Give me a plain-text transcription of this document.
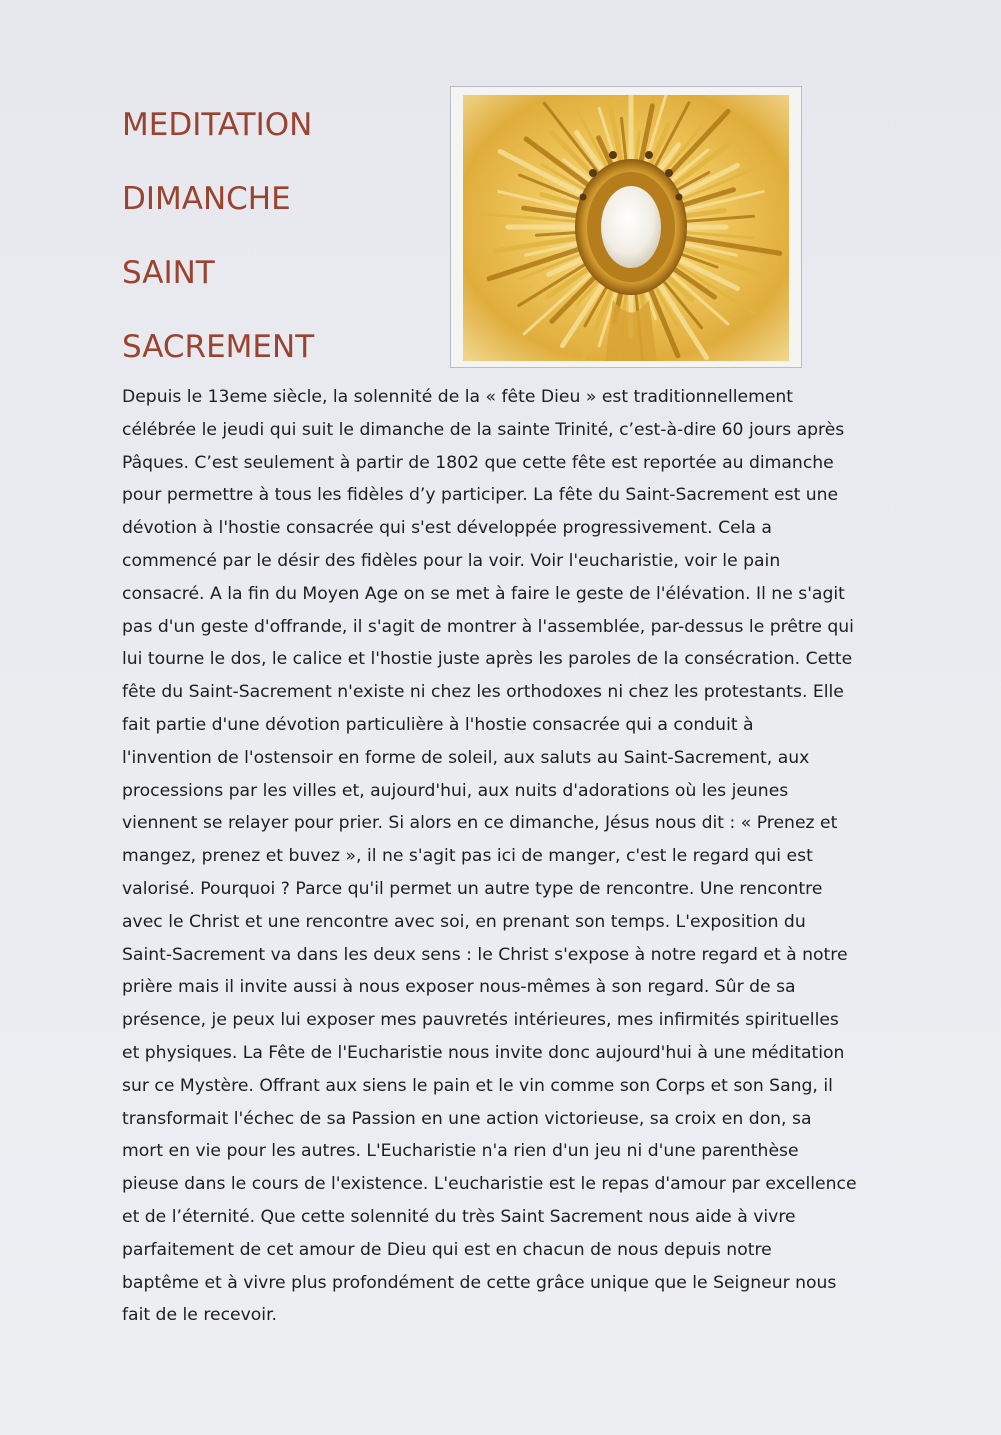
MEDITATION
DIMANCHE
SAINT
SACREMENT

Depuis le 13eme siècle, la solennité de la « fête Dieu » est traditionnellement
célébrée le jeudi qui suit le dimanche de la sainte Trinité, c’est-à-dire 60 jours après
Pâques. C’est seulement à partir de 1802 que cette fête est reportée au dimanche
pour permettre à tous les fidèles d’y participer. La fête du Saint-Sacrement est une
dévotion à l'hostie consacrée qui s'est développée progressivement. Cela a
commencé par le désir des fidèles pour la voir. Voir l'eucharistie, voir le pain
consacré. A la fin du Moyen Age on se met à faire le geste de l'élévation. Il ne s'agit
pas d'un geste d'offrande, il s'agit de montrer à l'assemblée, par-dessus le prêtre qui
lui tourne le dos, le calice et l'hostie juste après les paroles de la consécration. Cette
fête du Saint-Sacrement n'existe ni chez les orthodoxes ni chez les protestants. Elle
fait partie d'une dévotion particulière à l'hostie consacrée qui a conduit à
l'invention de l'ostensoir en forme de soleil, aux saluts au Saint-Sacrement, aux
processions par les villes et, aujourd'hui, aux nuits d'adorations où les jeunes
viennent se relayer pour prier. Si alors en ce dimanche, Jésus nous dit : « Prenez et
mangez, prenez et buvez », il ne s'agit pas ici de manger, c'est le regard qui est
valorisé. Pourquoi ? Parce qu'il permet un autre type de rencontre. Une rencontre
avec le Christ et une rencontre avec soi, en prenant son temps. L'exposition du
Saint-Sacrement va dans les deux sens : le Christ s'expose à notre regard et à notre
prière mais il invite aussi à nous exposer nous-mêmes à son regard. Sûr de sa
présence, je peux lui exposer mes pauvretés intérieures, mes infirmités spirituelles
et physiques. La Fête de l'Eucharistie nous invite donc aujourd'hui à une méditation
sur ce Mystère. Offrant aux siens le pain et le vin comme son Corps et son Sang, il
transformait l'échec de sa Passion en une action victorieuse, sa croix en don, sa
mort en vie pour les autres. L'Eucharistie n'a rien d'un jeu ni d'une parenthèse
pieuse dans le cours de l'existence. L'eucharistie est le repas d'amour par excellence
et de l’éternité. Que cette solennité du très Saint Sacrement nous aide à vivre
parfaitement de cet amour de Dieu qui est en chacun de nous depuis notre
baptême et à vivre plus profondément de cette grâce unique que le Seigneur nous
fait de le recevoir.
